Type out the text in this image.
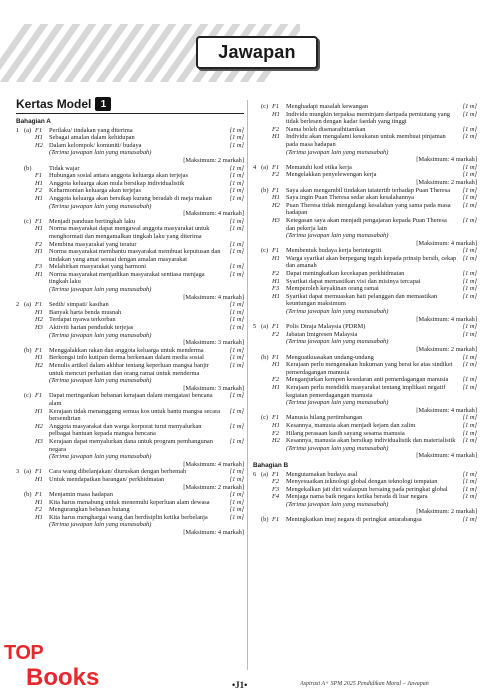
Jawapan
Kertas Model 1
Bahagian A
1 (a) F1	Perilaku/ tindakan yang diterima	[1 m]
H1 Sebagai amalan dalam kehidupan	[1 m]
H2 Dalam kelompok/ komuniti/ budaya	[1 m]
(Terima jawapan lain yang munasabah)
[Maksimum: 2 markah]
(b)	Tidak wajar	[1 m]
F1	Hubungan sosial antara anggota keluarga akan terjejas	[1 m]
H1 Anggota keluarga akan mula bersikap individualistik	[1 m]
F2	Keharmonian keluarga akan terjejas	[1 m]
H1 Anggota keluarga akan bersikap kurang beradab di meja makan	[1 m]
(Terima jawapan lain yang munasabah)
[Maksimum: 4 markah]
(c) F1	Menjadi panduan bertingkah laku	[1 m]
H1 Norma masyarakat dapat mengawal anggota masyarakat untuk menghormati dan mengamalkan tingkah laku yang diterima
[1 m]
F2	Membina masyarakat yang teratur	[1 m]
H1 Norma masyarakat membantu masyarakat membuat keputusan dan tindakan yang amat sesuai dengan amalan masyarakat
[1 m]
F3	Melahirkan masyarakat yang harmoni	[1 m]
H1 Norma masyarakat menjadikan masyarakat sentiasa menjaga tingkah laku
[1 m]
(Terima jawapan lain yang munasabah)
[Maksimum: 4 markah]
2 (a) F1	Sedih/ simpati/ kasihan	[1 m]
H1 Banyak harta benda musnah	[1 m]
H2 Terdapat nyawa terkorban	[1 m]
H3 Aktiviti harian penduduk terjejas	[1 m]
(Terima jawapan lain yang munasabah)
[Maksimum: 3 markah]
(b) F1	Menggalakkan rakan dan anggota keluarga untuk menderma	[1 m]
H1 Berkongsi info kutipan derma berkenaan dalam media sosial	[1 m]
H2 Menulis artikel dalam akhbar tentang keperluan mangsa banjir untuk mencuri perhatian dan orang ramai untuk menderma
[1 m]
(Terima jawapan lain yang munasabah)
[Maksimum: 3 markah]
(c) F1	Dapat meringankan bebanan kerajaan dalam mengatasi bencana alam
[1 m]
H1 Kerajaan tidak menanggung semua kos untuk bantu mangsa secara bersendirian
[1 m]
H2 Anggota masyarakat dan warga korporat turut menyalurkan pelbagai bantuan kepada mangsa bencana
[1 m]
H3 Kerajaan dapat menyalurkan dana untuk program pembangunan negara
[1 m]
(Terima jawapan lain yang munasabah)
[Maksimum: 4 markah]
3 (a) F1	Cara wang dibelanjakan/ diuruskan dengan berhemah	[1 m]
H1 Untuk mendapatkan barangan/ perkhidmatan	[1 m]
[Maksimum: 2 markah]
(b) F1	Menjamin masa hadapan	[1 m]
H1 Kita harus menabung untuk menemuhi keperluan alam dewasa	[1 m]
F2	Mengurangkan bebanan hutang	[1 m]
H1 Kita harus menghargai wang dan berdisiplin ketika berbelanja	[1 m]
(Terima jawapan lain yang munasabah)
[Maksimum: 4 markah]
(c) F1	Menghadapi masalah kewangan	[1 m]
H1 Individu mungkin terpaksa meminjam daripada pemiutang yang tidak berlesen dengan kadar faedah yang tinggi
[1 m]
F2	Nama boleh disenaraihitamkan	[1 m]
H1 Individu akan mengalami kesukaran untuk membuat pinjaman pada masa hadapan
[1 m]
(Terima jawapan lain yang munasabah)
[Maksimum: 4 markah]
4 (a) F1	Mematuhi kod etika kerja	[1 m]
F2	Mengelakkan penyelewengan kerja	[1 m]
[Maksimum: 2 markah]
(b) F1	Saya akan mengambil tindakan tatatertib terhadap Puan Theresa	[1 m]
H1 Saya ingin Puan Theresa sedar akan kesalahannya	[1 m]
H2 Puan Theresa tidak mengulangi kesalahan yang sama pada masa hadapan
[1 m]
H3 Ketegasan saya akan menjadi pengajaran kepada Puan Theresa dan pekerja lain
[1 m]
(Terima jawapan lain yang munasabah)
[Maksimum: 4 markah]
(c) F1	Membentuk budaya kerja berintegriti	[1 m]
H1 Warga syarikat akan berpegang teguh kepada prinsip bersih, cekap dan amanah
[1 m]
F2	Dapat meningkatkan kecekapan perkhidmatan	[1 m]
H1 Syarikat dapat memastikan visi dan misinya tercapai	[1 m]
F3	Memperoleh keyakinan orang ramai	[1 m]
H1 Syarikat dapat memuaskan hati pelanggan dan memastikan keuntungan maksimum
[1 m]
(Terima jawapan lain yang munasabah)
[Maksimum: 4 markah]
5 (a) F1	Polis Diraja Malaysia (PDRM)	[1 m]
F2	Jabatan Imigresen Malaysia	[1 m]
(Terima jawapan lain yang munasabah)
[Maksimum: 2 markah]
(b) F1	Menguatkuasakan undang-undang	[1 m]
H1 Kerajaan perlu mengenakan hukuman yang berat ke atas sindiket pemerdagangan manusia
[1 m]
F2	Menganjurkan kempen kesedaran anti pemerdagangan manusia	[1 m]
H1 Kerajaan perlu mendidik masyarakat tentang implikasi negatif kegiatan pemerdagangan manusia
[1 m]
(Terima jawapan lain yang munasabah)
[Maksimum: 4 markah]
(c) F1	Manusia hilang pertimbangan	[1 m]
H1 Kesannya, manusia akan menjadi kejam dan zalim	[1 m]
F2	Hilang perasaan kasih sayang sesama manusia	[1 m]
H2 Kesannya, manusia akan bersikap individualistik dan materialistik	[1 m]
(Terima jawapan lain yang munasabah)
[Maksimum: 4 markah]
Bahagian B
6 (a) F1	Mengutamakan budaya asal	[1 m]
F2	Menyesuaikan teknologi global dengan teknologi tempatan	[1 m]
F3	Mengekalkan jati diri walaupun bersaing pada peringkat global	[1 m]
F4	Menjaga nama baik negara ketika berada di luar negara	[1 m]
(Terima jawapan lain yang munasabah)
[Maksimum: 2 markah]
(b) F1	Meningkatkan imej negara di peringkat antarabangsa	[1 m]
TOP
Books	•J1•	Aspirasi A+ SPM 2025 Pendidikan Moral – Jawapan
